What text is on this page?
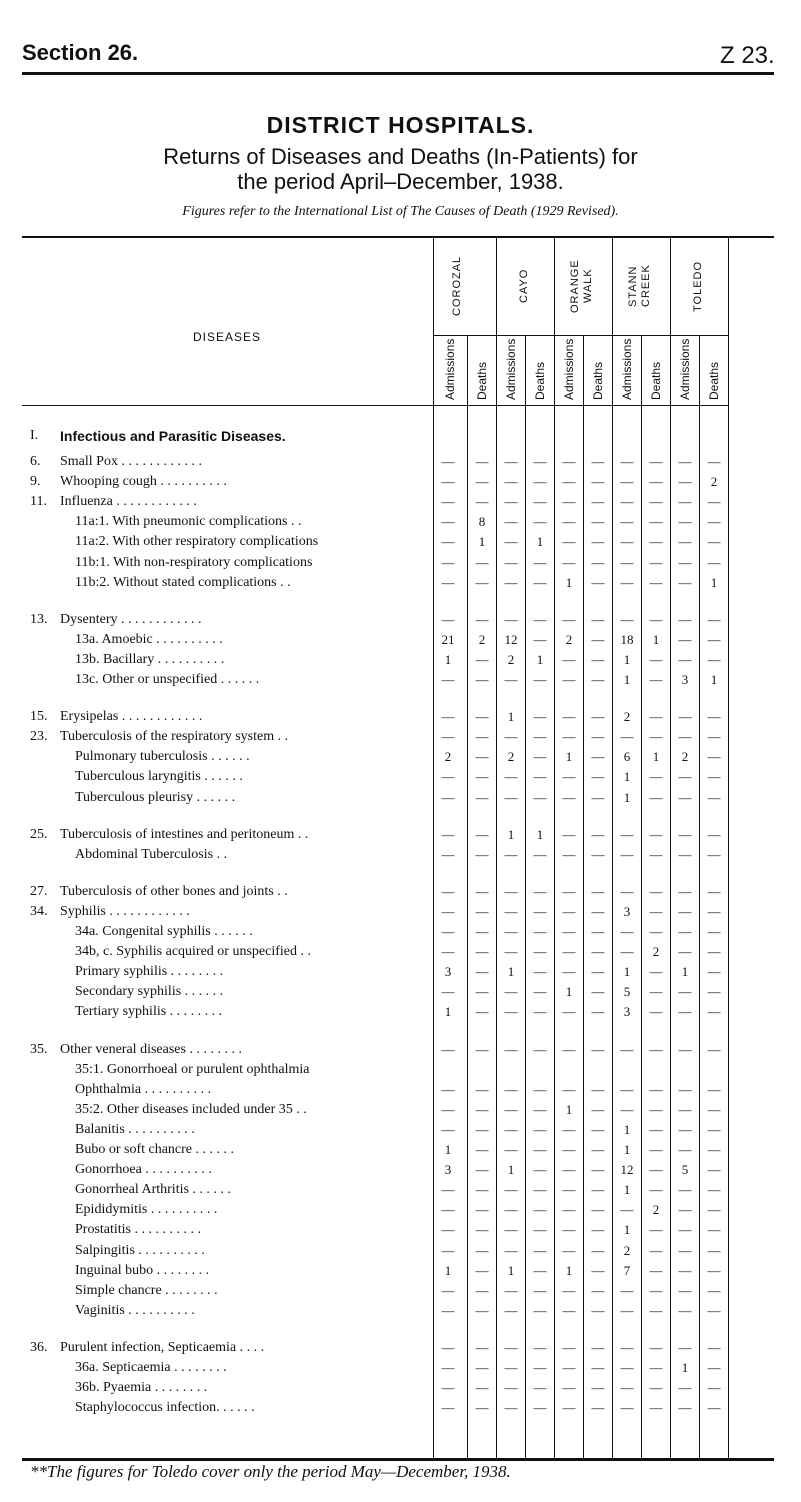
Section 26.	Z 23.
DISTRICT HOSPITALS.
Returns of Diseases and Deaths (In-Patients) for
the period April–December, 1938.
Figures refer to the International List of The Causes of Death (1929 Revised).
DISEASES
COROZAL	CAYO	ORANGE WALK	STANN CREEK	TOLEDO
Admissions Deaths Admissions Deaths Admissions Deaths Admissions Deaths Admissions Deaths
I.	Infectious and Parasitic Diseases.
6.	Small Pox . . . . . . . . . . . .	—	—	—	—	—	—	—	—	—	—
9.	Whooping cough . . . . . . . . . .	—	—	—	—	—	—	—	—	—	2
11. Influenza . . . . . . . . . . . .	—	—	—	—	—	—	—	—	—	—
11a:1. With pneumonic complications . .	—	8	—	—	—	—	—	—	—	—
11a:2. With other respiratory complications	—	1	—	1	—	—	—	—	—	—
11b:1. With non-respiratory complications	—	—	—	—	—	—	—	—	—	—
11b:2. Without stated complications . .	—	—	—	—	1	—	—	—	—	1
13. Dysentery . . . . . . . . . . . .	—	—	—	—	—	—	—	—	—	—
13a. Amoebic . . . . . . . . . .	21	2	12	—	2	—	18	1	—	—
13b. Bacillary . . . . . . . . . .	1	—	2	1	—	—	1	—	—	—
13c. Other or unspecified . . . . . .	—	—	—	—	—	—	1	—	3	1
15. Erysipelas . . . . . . . . . . . .	—	—	1	—	—	—	2	—	—	—
23. Tuberculosis of the respiratory system . .	—	—	—	—	—	—	—	—	—	—
Pulmonary tuberculosis . . . . . .	2	—	2	—	1	—	6	1	2	—
Tuberculous laryngitis . . . . . .	—	—	—	—	—	—	1	—	—	—
Tuberculous pleurisy . . . . . .	—	—	—	—	—	—	1	—	—	—
25. Tuberculosis of intestines and peritoneum . .	—	—	1	1	—	—	—	—	—	—
Abdominal Tuberculosis . .	—	—	—	—	—	—	—	—	—	—
27. Tuberculosis of other bones and joints . .	—	—	—	—	—	—	—	—	—	—
34. Syphilis . . . . . . . . . . . .	—	—	—	—	—	—	3	—	—	—
34a. Congenital syphilis . . . . . .	—	—	—	—	—	—	—	—	—	—
34b, c. Syphilis acquired or unspecified . .	—	—	—	—	—	—	—	2	—	—
Primary syphilis . . . . . . . .	3	—	1	—	—	—	1	—	1	—
Secondary syphilis . . . . . .	—	—	—	—	1	—	5	—	—	—
Tertiary syphilis . . . . . . . .	1	—	—	—	—	—	3	—	—	—
35. Other veneral diseases . . . . . . . .	—	—	—	—	—	—	—	—	—	—
35:1. Gonorrhoeal or purulent ophthalmia
Ophthalmia . . . . . . . . . .	—	—	—	—	—	—	—	—	—	—
35:2. Other diseases included under 35 . .	—	—	—	—	1	—	—	—	—	—
Balanitis . . . . . . . . . .	—	—	—	—	—	—	1	—	—	—
Bubo or soft chancre . . . . . .	1	—	—	—	—	—	1	—	—	—
Gonorrhoea . . . . . . . . . .	3	—	1	—	—	—	12	—	5	—
Gonorrheal Arthritis . . . . . .	—	—	—	—	—	—	1	—	—	—
Epididymitis . . . . . . . . . .	—	—	—	—	—	—	—	2	—	—
Prostatitis . . . . . . . . . .	—	—	—	—	—	—	1	—	—	—
Salpingitis . . . . . . . . . .	—	—	—	—	—	—	2	—	—	—
Inguinal bubo . . . . . . . .	1	—	1	—	1	—	7	—	—	—
Simple chancre . . . . . . . .	—	—	—	—	—	—	—	—	—	—
Vaginitis . . . . . . . . . .	—	—	—	—	—	—	—	—	—	—
36. Purulent infection, Septicaemia . . . .	—	—	—	—	—	—	—	—	—	—
36a. Septicaemia . . . . . . . .	—	—	—	—	—	—	—	—	1	—
36b. Pyaemia . . . . . . . .	—	—	—	—	—	—	—	—	—	—
Staphylococcus infection. . . . . .	—	—	—	—	—	—	—	—	—	—
**The figures for Toledo cover only the period May—December, 1938.
